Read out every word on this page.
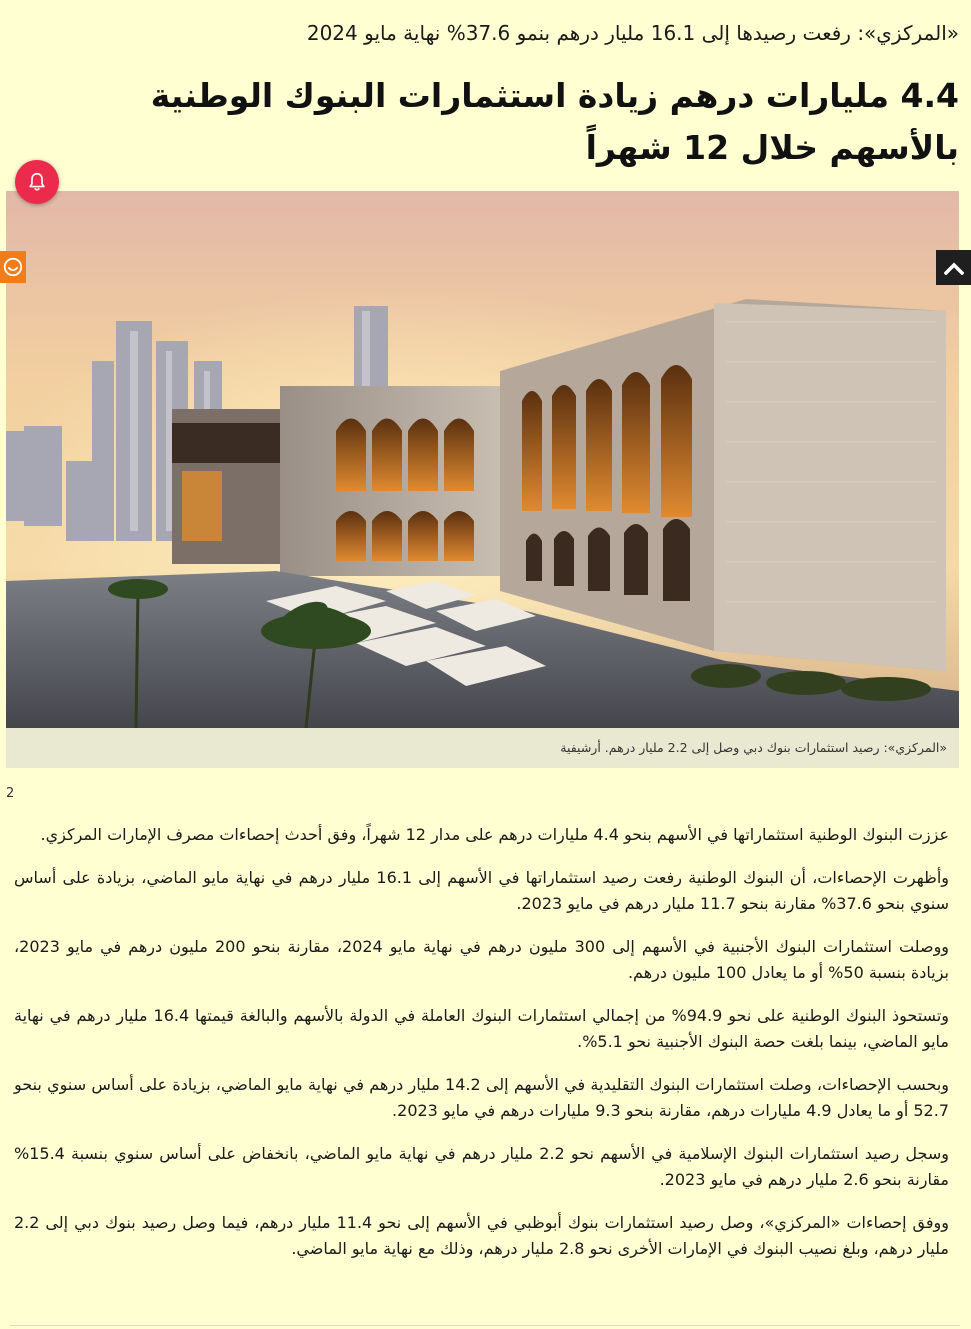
«المركزي»: رفعت رصيدها إلى 16.1 مليار درهم بنمو 37.6% نهاية مايو 2024
4.4 مليارات درهم زيادة استثمارات البنوك الوطنية بالأسهم خلال 12 شهراً
«المركزي»: رصيد استثمارات بنوك دبي وصل إلى 2.2 مليار درهم. أرشيفية
2

عززت البنوك الوطنية استثماراتها في الأسهم بنحو 4.4 مليارات درهم على مدار 12 شهراً، وفق أحدث إحصاءات مصرف الإمارات المركزي.

وأظهرت الإحصاءات، أن البنوك الوطنية رفعت رصيد استثماراتها في الأسهم إلى 16.1 مليار درهم في نهاية مايو الماضي، بزيادة على أساس سنوي بنحو 37.6% مقارنة بنحو 11.7 مليار درهم في مايو 2023.

ووصلت استثمارات البنوك الأجنبية في الأسهم إلى 300 مليون درهم في نهاية مايو 2024، مقارنة بنحو 200 مليون درهم في مايو 2023، بزيادة بنسبة 50% أو ما يعادل 100 مليون درهم.

وتستحوذ البنوك الوطنية على نحو 94.9% من إجمالي استثمارات البنوك العاملة في الدولة بالأسهم والبالغة قيمتها 16.4 مليار درهم في نهاية مايو الماضي، بينما بلغت حصة البنوك الأجنبية نحو 5.1%.

وبحسب الإحصاءات، وصلت استثمارات البنوك التقليدية في الأسهم إلى 14.2 مليار درهم في نهاية مايو الماضي، بزيادة على أساس سنوي بنحو 52.7 أو ما يعادل 4.9 مليارات درهم، مقارنة بنحو 9.3 مليارات درهم في مايو 2023.

وسجل رصيد استثمارات البنوك الإسلامية في الأسهم نحو 2.2 مليار درهم في نهاية مايو الماضي، بانخفاض على أساس سنوي بنسبة 15.4% مقارنة بنحو 2.6 مليار درهم في مايو 2023.

ووفق إحصاءات «المركزي»، وصل رصيد استثمارات بنوك أبوظبي في الأسهم إلى نحو 11.4 مليار درهم، فيما وصل رصيد بنوك دبي إلى 2.2 مليار درهم، وبلغ نصيب البنوك في الإمارات الأخرى نحو 2.8 مليار درهم، وذلك مع نهاية مايو الماضي.
